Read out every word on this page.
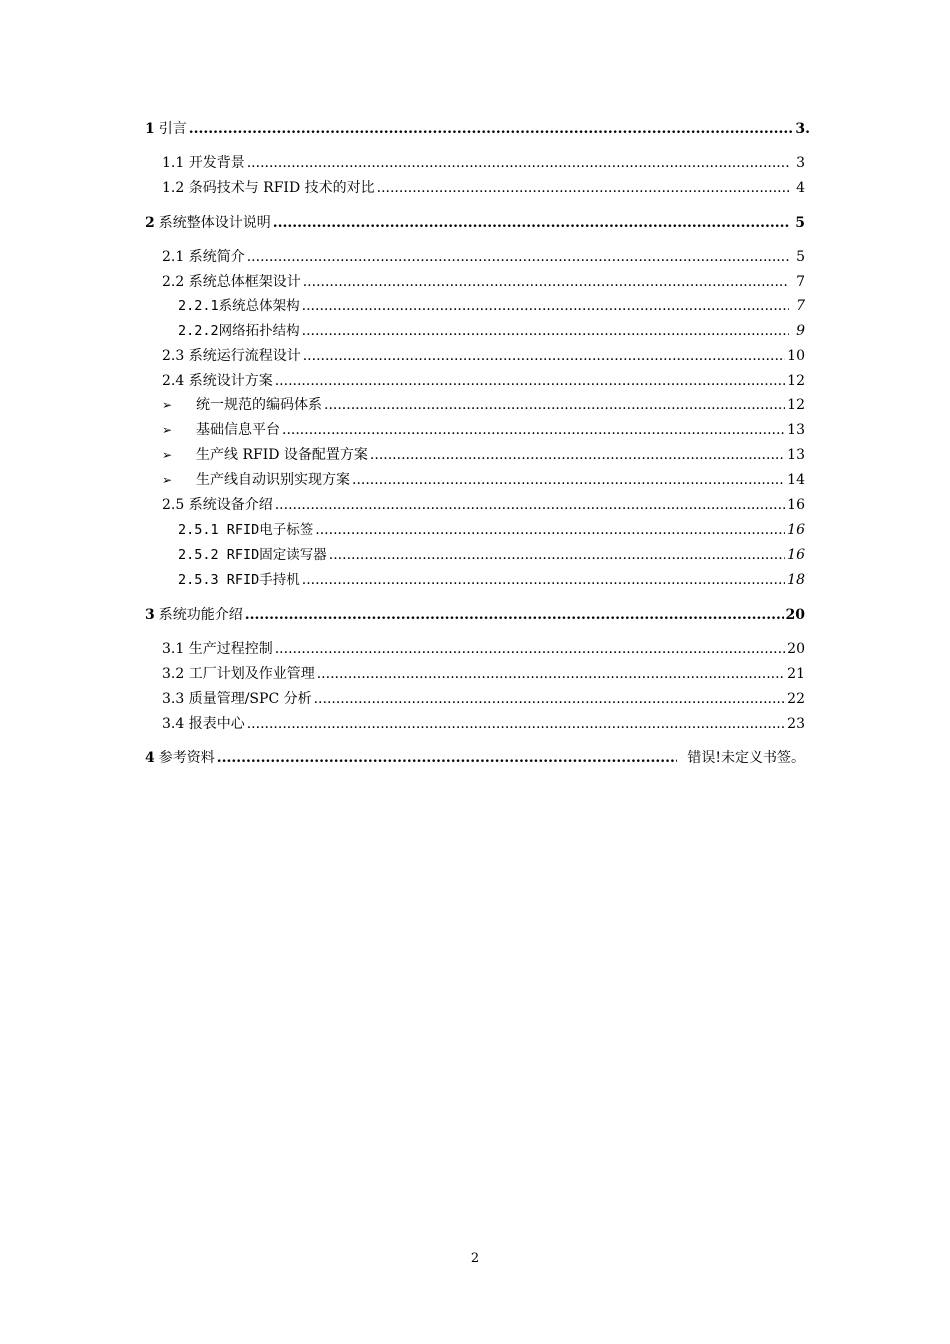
1 引言 .....	3.
1.1 开发背景 .....	3
1.2 条码技术与 RFID 技术的对比 .....	4
2 系统整体设计说明 .....	5
2.1 系统简介 .....	5
2.2 系统总体框架设计 .....	7
2.2.1系统总体架构 .....	7
2.2.2网络拓扑结构 .....	9
2.3 系统运行流程设计 .....	10
2.4 系统设计方案 .....	12
➢	统一规范的编码体系 .....	12
➢	基础信息平台 .....	13
➢	生产线 RFID 设备配置方案 .....	13
➢	生产线自动识别实现方案 .....	14
2.5 系统设备介绍 .....	16
2.5.1 RFID电子标签 .....	16
2.5.2 RFID固定读写器 .....	16
2.5.3 RFID手持机 .....	18
3 系统功能介绍 .....	20
3.1 生产过程控制 .....	20
3.2 工厂计划及作业管理 .....	21
3.3 质量管理/SPC 分析 .....	22
3.4 报表中心 .....	23
4 参考资料 .....	错误!未定义书签。
2
